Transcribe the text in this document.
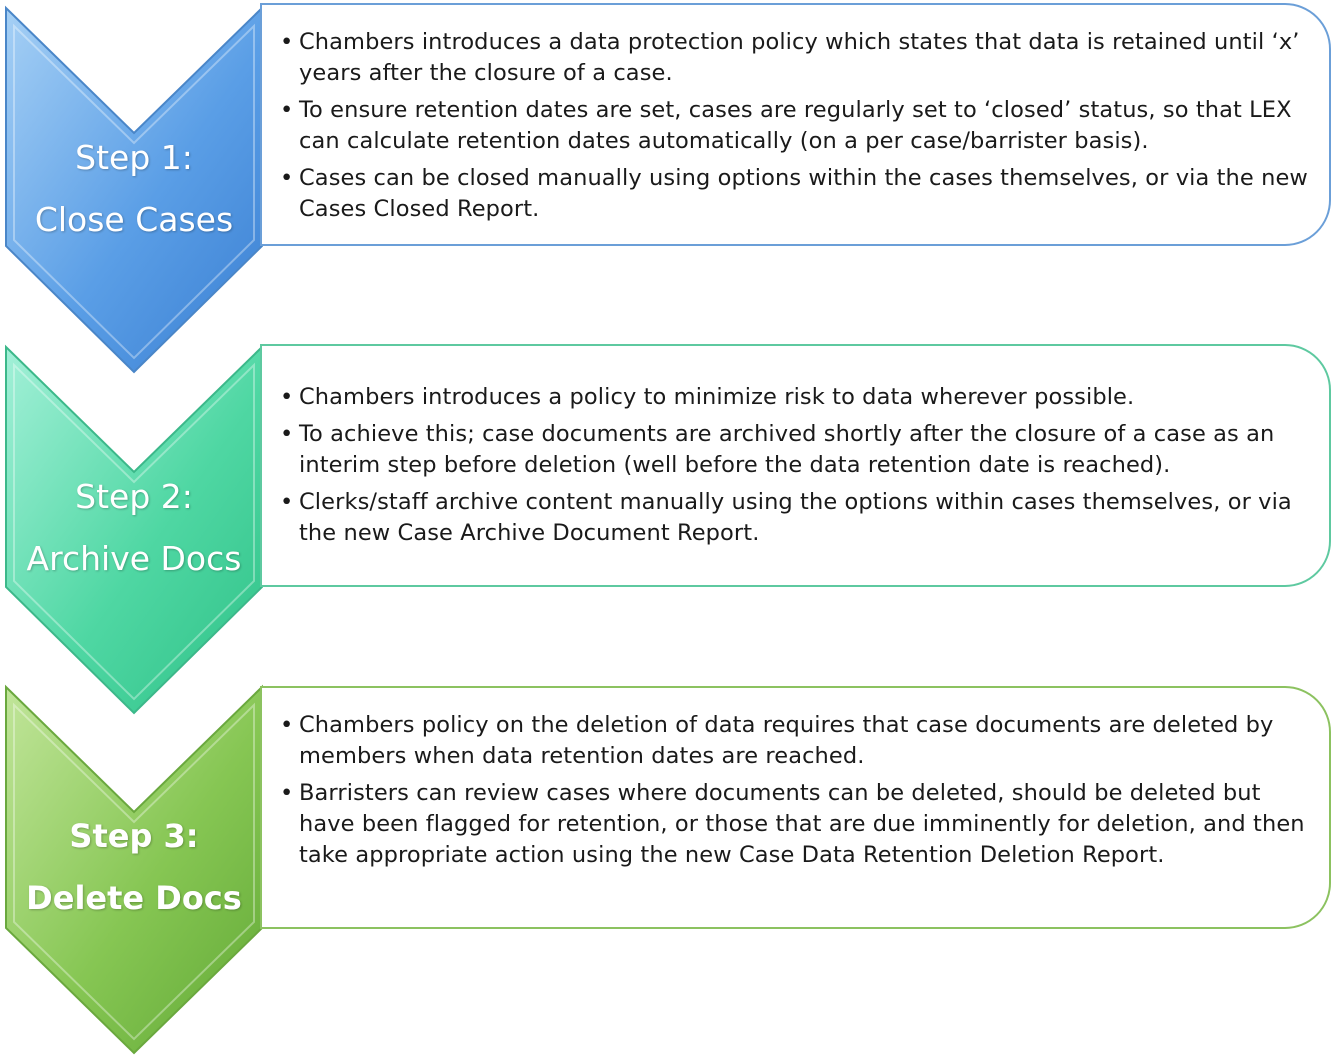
Step 1:
Close Cases
Step 2:
Archive Docs
Step 3:
Delete Docs
• Chambers introduces a data protection policy which states that data is retained until ‘x’ years after the closure of a case.
• To ensure retention dates are set, cases are regularly set to ‘closed’ status, so that LEX can calculate retention dates automatically (on a per case/barrister basis).
• Cases can be closed manually using options within the cases themselves, or via the new Cases Closed Report.
• Chambers introduces a policy to minimize risk to data wherever possible.
• To achieve this; case documents are archived shortly after the closure of a case as an interim step before deletion (well before the data retention date is reached).
• Clerks/staff archive content manually using the options within cases themselves, or via the new Case Archive Document Report.
• Chambers policy on the deletion of data requires that case documents are deleted by members when data retention dates are reached.
• Barristers can review cases where documents can be deleted, should be deleted but have been flagged for retention, or those that are due imminently for deletion, and then take appropriate action using the new Case Data Retention Deletion Report.
